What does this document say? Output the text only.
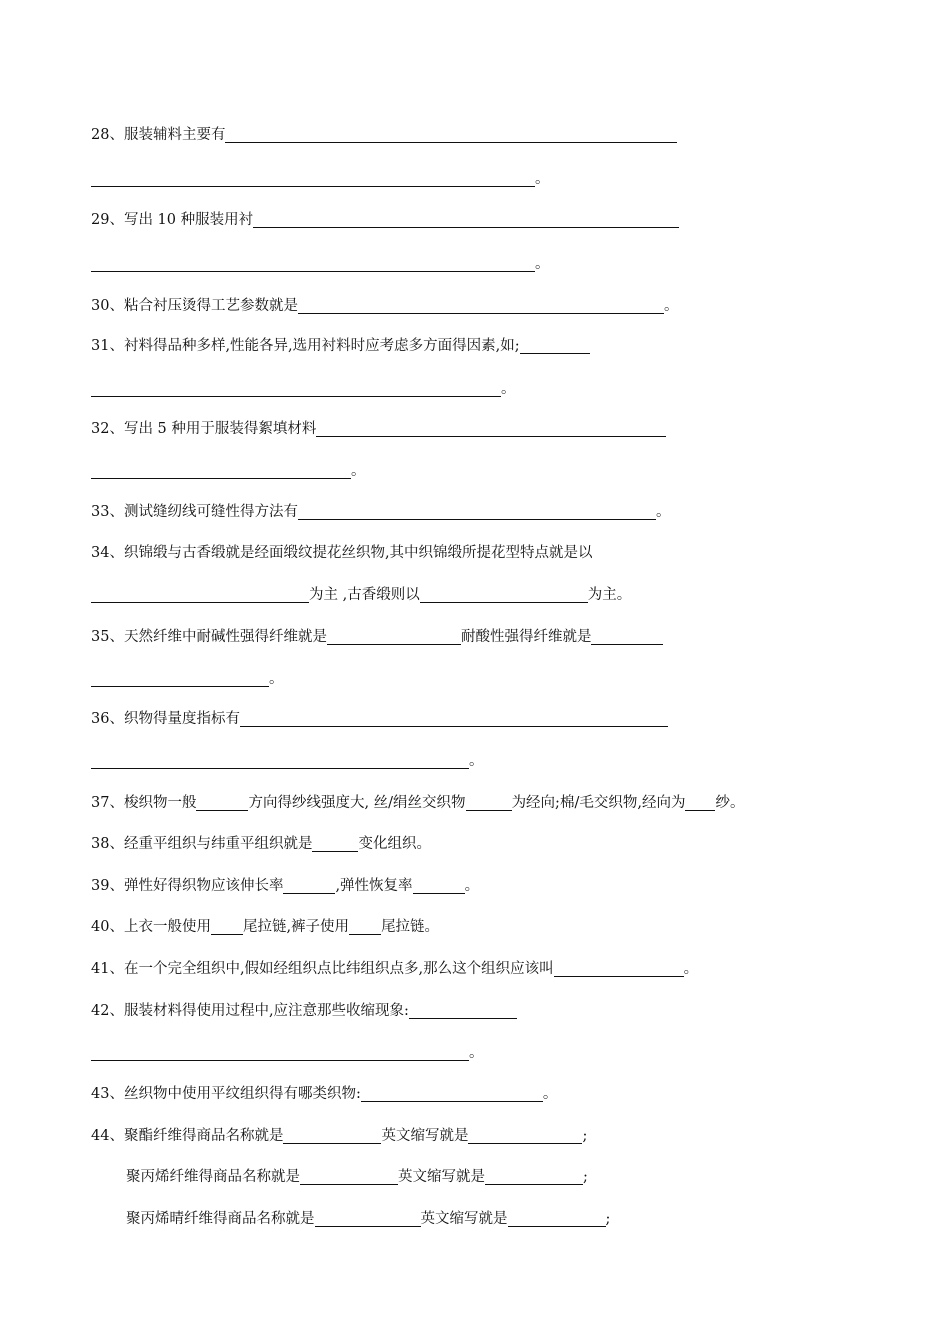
28、服装辅料主要有
。
29、写出 10 种服装用衬
。
30、粘合衬压烫得工艺参数就是	。
31、衬料得品种多样,性能各异,选用衬料时应考虑多方面得因素,如;
。
32、写出 5 种用于服装得絮填材料
。
33、测试缝纫线可缝性得方法有	。
34、织锦缎与古香缎就是经面缎纹提花丝织物,其中织锦缎所提花型特点就是以
为主 ,古香缎则以	为主。
35、天然纤维中耐碱性强得纤维就是	耐酸性强得纤维就是
。
36、织物得量度指标有
。
37、梭织物一般	方向得纱线强度大, 丝/绢丝交织物	为经向;棉/毛交织物,经向为 纱。
38、经重平组织与纬重平组织就是	变化组织。
39、弹性好得织物应该伸长率	,弹性恢复率	。
40、上衣一般使用 尾拉链,裤子使用 尾拉链。
41、在一个完全组织中,假如经组织点比纬组织点多,那么这个组织应该叫	。
42、服装材料得使用过程中,应注意那些收缩现象:
。
43、丝织物中使用平纹组织得有哪类织物:	。
44、聚酯纤维得商品名称就是	英文缩写就是	;
聚丙烯纤维得商品名称就是	英文缩写就是	;
聚丙烯晴纤维得商品名称就是	英文缩写就是	;
